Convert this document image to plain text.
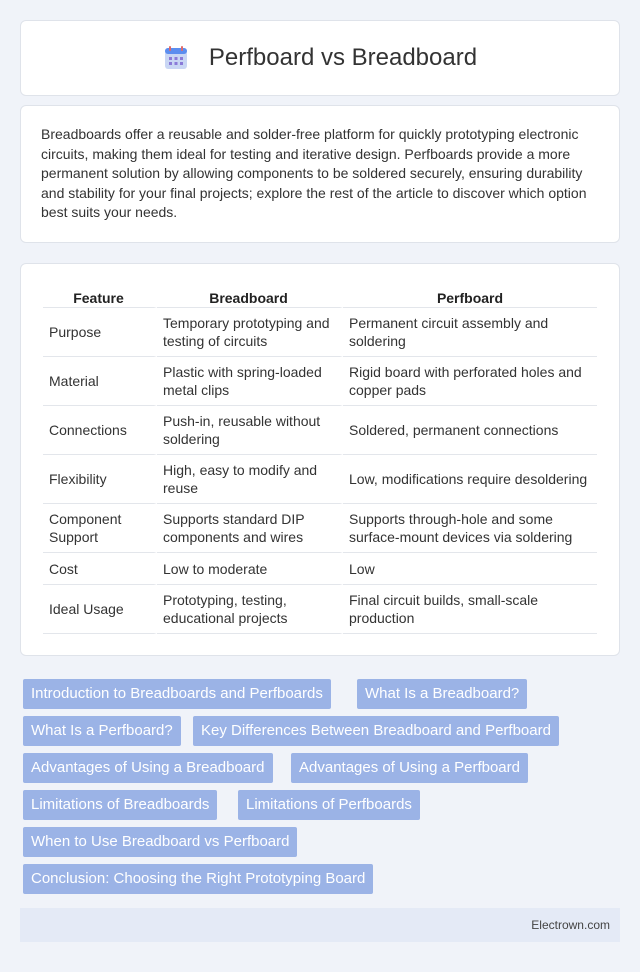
Perfboard vs Breadboard

Breadboards offer a reusable and solder-free platform for quickly prototyping electronic circuits, making them ideal for testing and iterative design. Perfboards provide a more permanent solution by allowing components to be soldered securely, ensuring durability and stability for your final projects; explore the rest of the article to discover which option best suits your needs.

Feature	Breadboard	Perfboard
Purpose	Temporary prototyping and testing of circuits	Permanent circuit assembly and soldering
Material	Plastic with spring-loaded metal clips	Rigid board with perforated holes and copper pads
Connections	Push-in, reusable without soldering	Soldered, permanent connections
Flexibility	High, easy to modify and reuse	Low, modifications require desoldering
Component Support	Supports standard DIP components and wires	Supports through-hole and some surface-mount devices via soldering
Cost	Low to moderate	Low
Ideal Usage	Prototyping, testing, educational projects	Final circuit builds, small-scale production
Introduction to Breadboards and Perfboards	What Is a Breadboard?
What Is a Perfboard?	Key Differences Between Breadboard and Perfboard
Advantages of Using a Breadboard	Advantages of Using a Perfboard
Limitations of Breadboards	Limitations of Perfboards
When to Use Breadboard vs Perfboard
Conclusion: Choosing the Right Prototyping Board
Electrown.com
